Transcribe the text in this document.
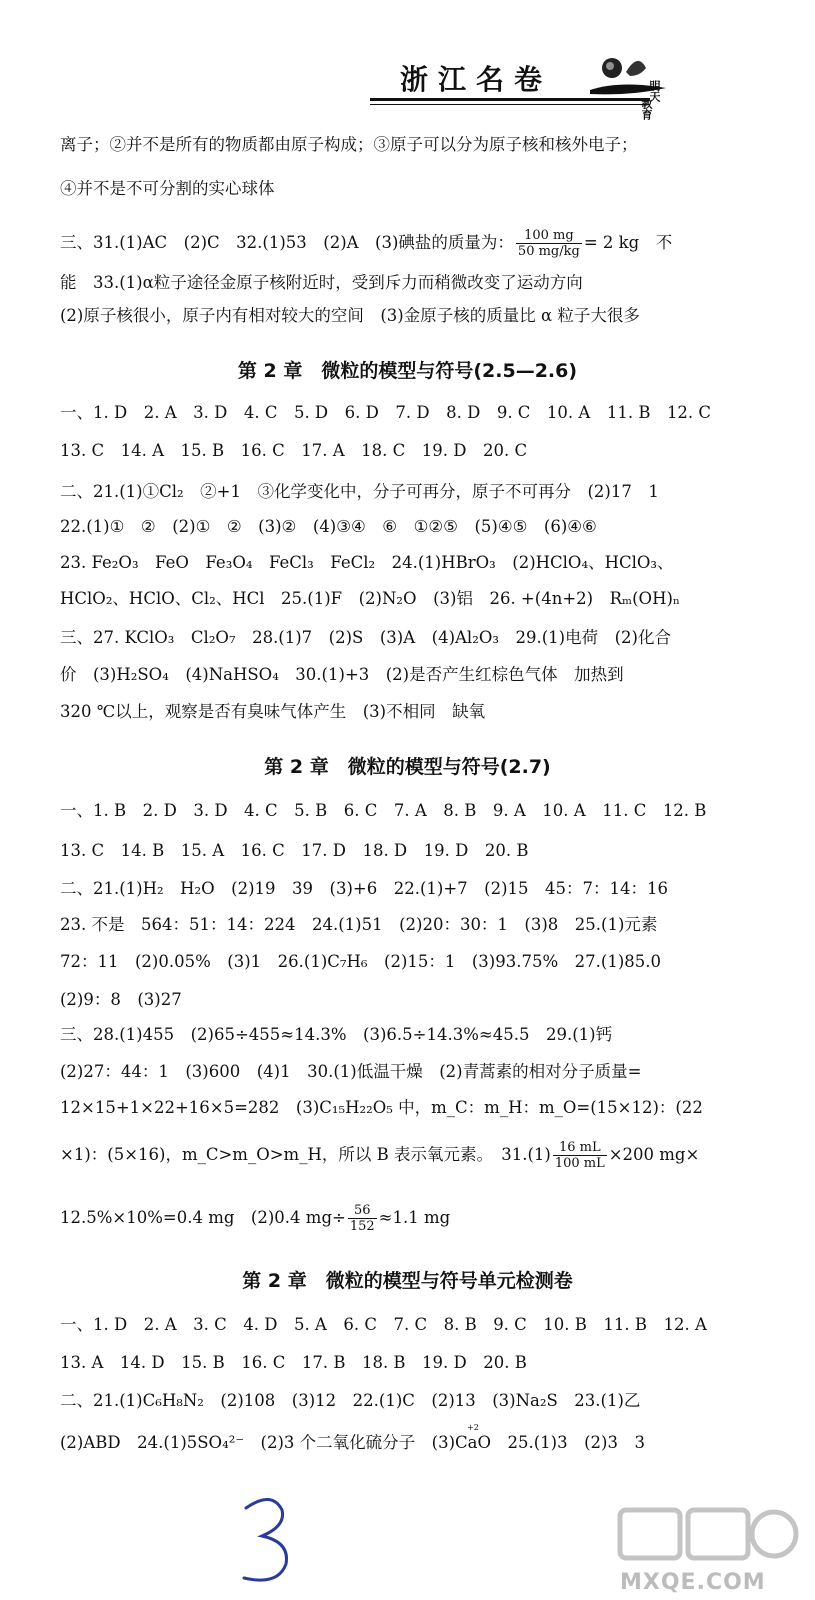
浙江名卷	明天
教育
离子；②并不是所有的物质都由原子构成；③原子可以分为原子核和核外电子；
④并不是不可分割的实心球体
三、31.(1)AC　(2)C　32.(1)53　(2)A　(3)碘盐的质量为： $\frac{100 mg}{50 mg/kg} = 2$ kg　不
能　33.(1)α粒子途径金原子核附近时，受到斥力而稍微改变了运动方向
(2)原子核很小，原子内有相对较大的空间　(3)金原子核的质量比 α 粒子大很多
第 2 章　微粒的模型与符号(2.5—2.6)
一、1. D　2. A　3. D　4. C　5. D　6. D　7. D　8. D　9. C　10. A　11. B　12. C
13. C　14. A　15. B　16. C　17. A　18. C　19. D　20. C
二、21.(1)①Cl₂　②+1　③化学变化中，分子可再分，原子不可再分　(2)17　1
22.(1)①　②　(2)①　②　(3)②　(4)③④　⑥　①②⑤　(5)④⑤　(6)④⑥
23. Fe₂O₃　FeO　Fe₃O₄　FeCl₃　FeCl₂　24.(1)HBrO₃　(2)HClO₄、HClO₃、
HClO₂、HClO、Cl₂、HCl　25.(1)F　(2)N₂O　(3)铝　26. +(4n+2)　Rₘ(OH)ₙ
三、27. KClO₃　Cl₂O₇　28.(1)7　(2)S　(3)A　(4)Al₂O₃　29.(1)电荷　(2)化合
价　(3)H₂SO₄　(4)NaHSO₄　30.(1)+3　(2)是否产生红棕色气体　加热到
320 ℃以上，观察是否有臭味气体产生　(3)不相同　缺氧
第 2 章　微粒的模型与符号(2.7)
一、1. B　2. D　3. D　4. C　5. B　6. C　7. A　8. B　9. A　10. A　11. C　12. B
13. C　14. B　15. A　16. C　17. D　18. D　19. D　20. B
二、21.(1)H₂　H₂O　(2)19　39　(3)+6　22.(1)+7　(2)15　45：7：14：16
23. 不是　564：51：14：224　24.(1)51　(2)20：30：1　(3)8　25.(1)元素
72：11　(2)0.05%　(3)1　26.(1)C₇H₆　(2)15：1　(3)93.75%　27.(1)85.0
(2)9：8　(3)27
三、28.(1)455　(2)65÷455≈14.3%　(3)6.5÷14.3%≈45.5　29.(1)钙
(2)27：44：1　(3)600　(4)1　30.(1)低温干燥　(2)青蒿素的相对分子质量=
12×15+1×22+16×5=282　(3)C₁₅H₂₂O₅ 中，m_C：m_H：m_O=(15×12)：(22
×1)：(5×16)，m_C>m_O>m_H，所以 B 表示氧元素。　$31.(1) \frac{16 mL}{100 mL} \times 200$ mg×
12.5%×10%=0.4 mg　(2)0.4 $mg\div \frac{56}{152} \approx 1.1$ mg
第 2 章　微粒的模型与符号单元检测卷
一、1. D　2. A　3. C　4. D　5. A　6. C　7. C　8. B　9. C　10. B　11. B　12. A
13. A　14. D　15. B　16. C　17. B　18. B　19. D　20. B
二、21.(1)C₆H₈N₂　(2)108　(3)12　22.(1)C　(2)13　(3)Na₂S　23.(1)乙
(2)ABD　24.(1)5SO₄²⁻　(2)3 个二氧化硫分子　(3)CaO　25.(1)3　(2)3　3
+2
MXQE.COM
